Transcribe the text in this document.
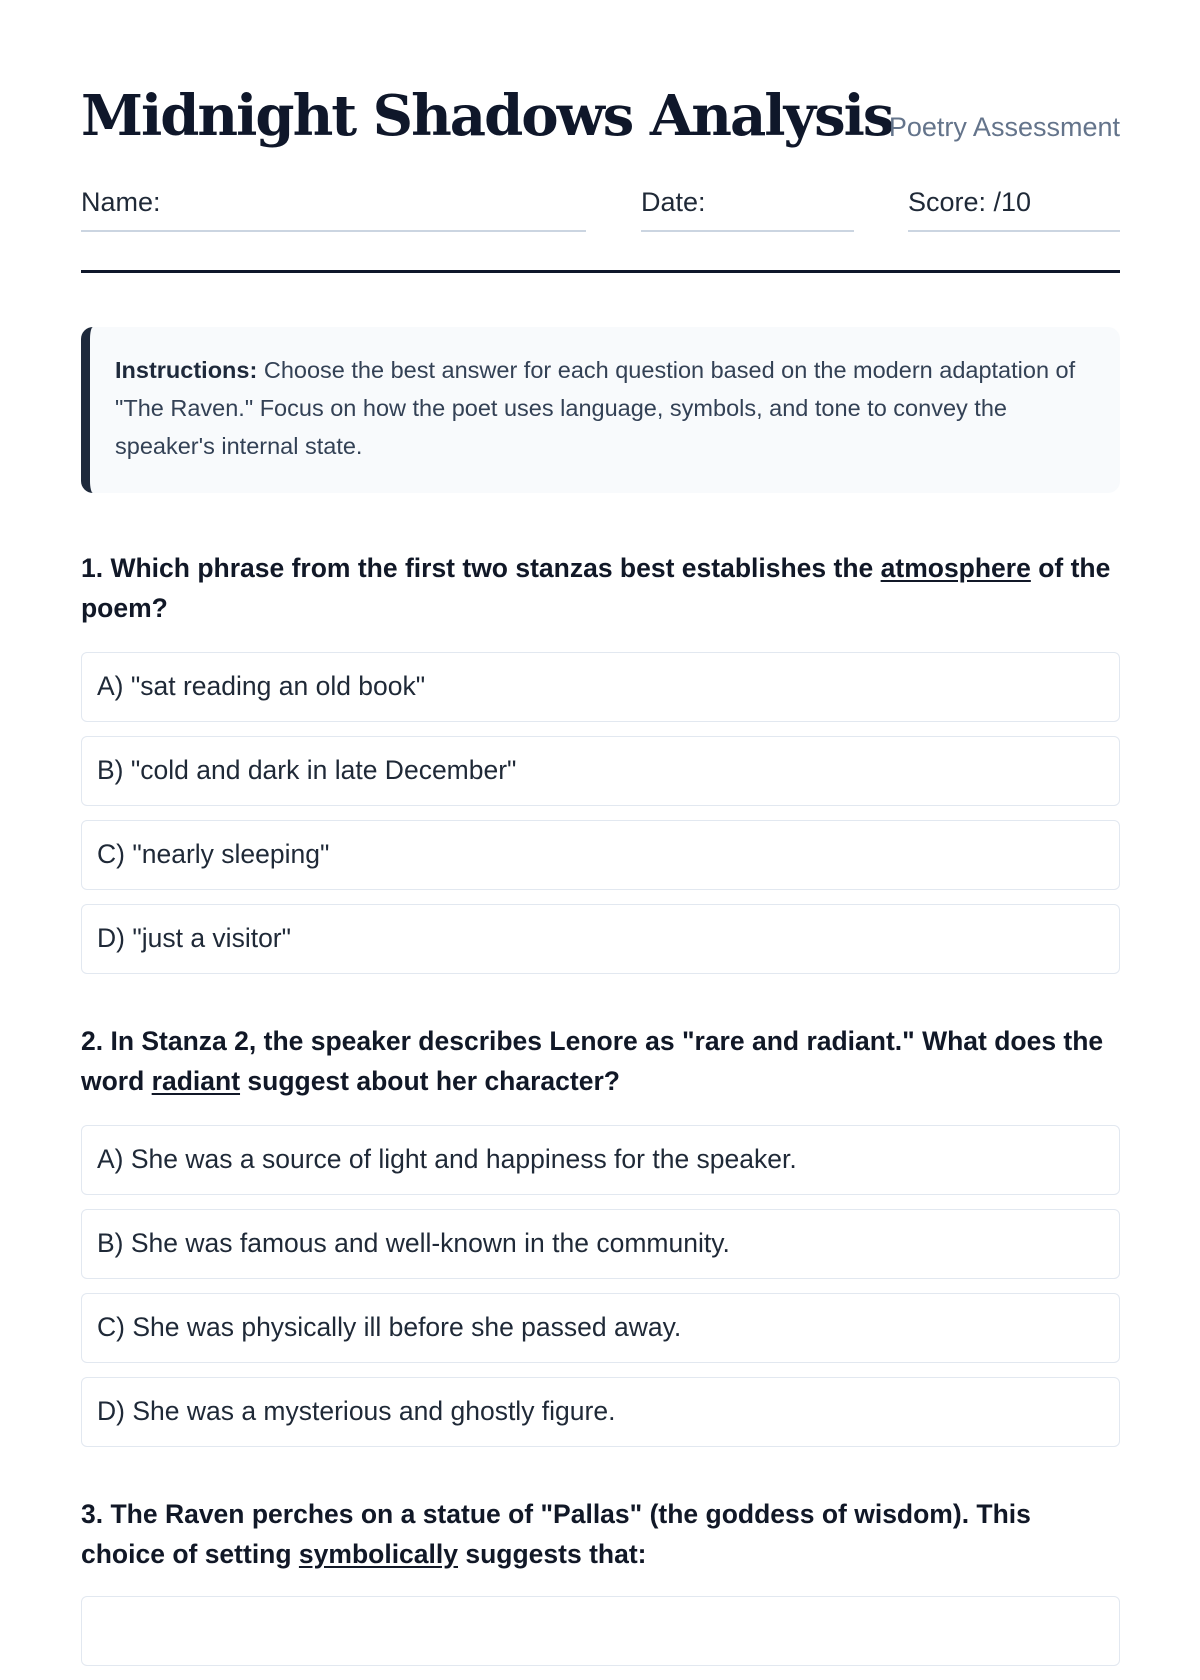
Midnight Shadows Analysis
Poetry Assessment
Name:	Date:	Score: /10
Instructions: Choose the best answer for each question based on the modern adaptation of "The Raven." Focus on how the poet uses language, symbols, and tone to convey the speaker's internal state.

1. Which phrase from the first two stanzas best establishes the atmosphere of the poem?

A) "sat reading an old book"
B) "cold and dark in late December"
C) "nearly sleeping"
D) "just a visitor"

2. In Stanza 2, the speaker describes Lenore as "rare and radiant." What does the word radiant suggest about her character?

A) She was a source of light and happiness for the speaker.
B) She was famous and well-known in the community.
C) She was physically ill before she passed away.
D) She was a mysterious and ghostly figure.

3. The Raven perches on a statue of "Pallas" (the goddess of wisdom). This choice of setting symbolically suggests that:
